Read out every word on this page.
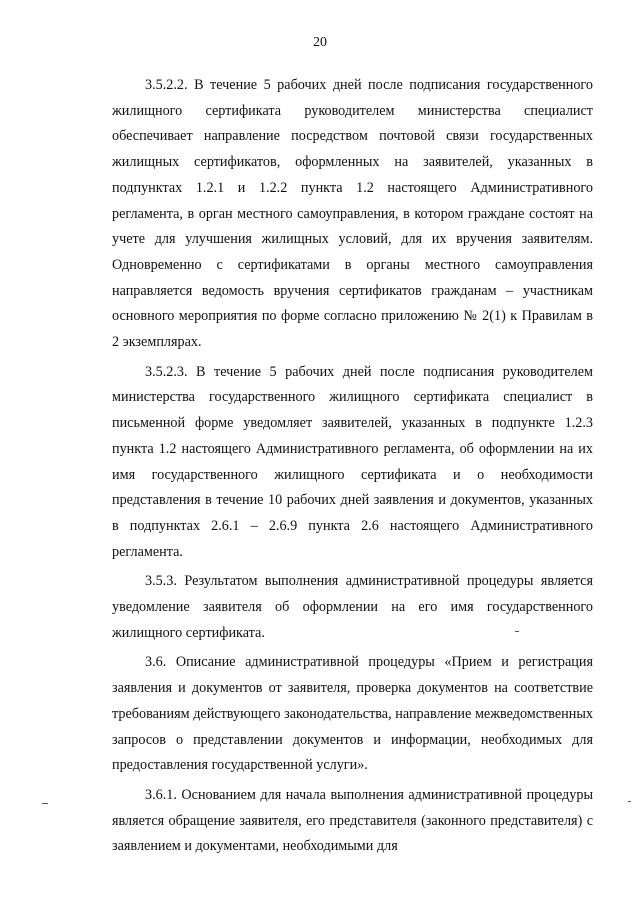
20

3.5.2.2. В течение 5 рабочих дней после подписания государственного жилищного сертификата руководителем министерства специалист обеспечивает направление посредством почтовой связи государственных жилищных сертификатов, оформленных на заявителей, указанных в подпунктах 1.2.1 и 1.2.2 пункта 1.2 настоящего Административного регламента, в орган местного самоуправления, в котором граждане состоят на учете для улучшения жилищных условий, для их вручения заявителям. Одновременно с сертификатами в органы местного самоуправления направляется ведомость вручения сертификатов гражданам – участникам основного мероприятия по форме согласно приложению № 2(1) к Правилам в 2 экземплярах.

3.5.2.3. В течение 5 рабочих дней после подписания руководителем министерства государственного жилищного сертификата специалист в письменной форме уведомляет заявителей, указанных в подпункте 1.2.3 пункта 1.2 настоящего Административного регламента, об оформлении на их имя государственного жилищного сертификата и о необходимости представления в течение 10 рабочих дней заявления и документов, указанных в подпунктах 2.6.1 – 2.6.9 пункта 2.6 настоящего Административного регламента.

3.5.3. Результатом выполнения административной процедуры является уведомление заявителя об оформлении на его имя государственного жилищного сертификата.

3.6. Описание административной процедуры «Прием и регистрация заявления и документов от заявителя, проверка документов на соответствие требованиям действующего законодательства, направление межведомственных запросов о представлении документов и информации, необходимых для предоставления государственной услуги».

3.6.1. Основанием для начала выполнения административной процедуры является обращение заявителя, его представителя (законного представителя) с заявлением и документами, необходимыми для
